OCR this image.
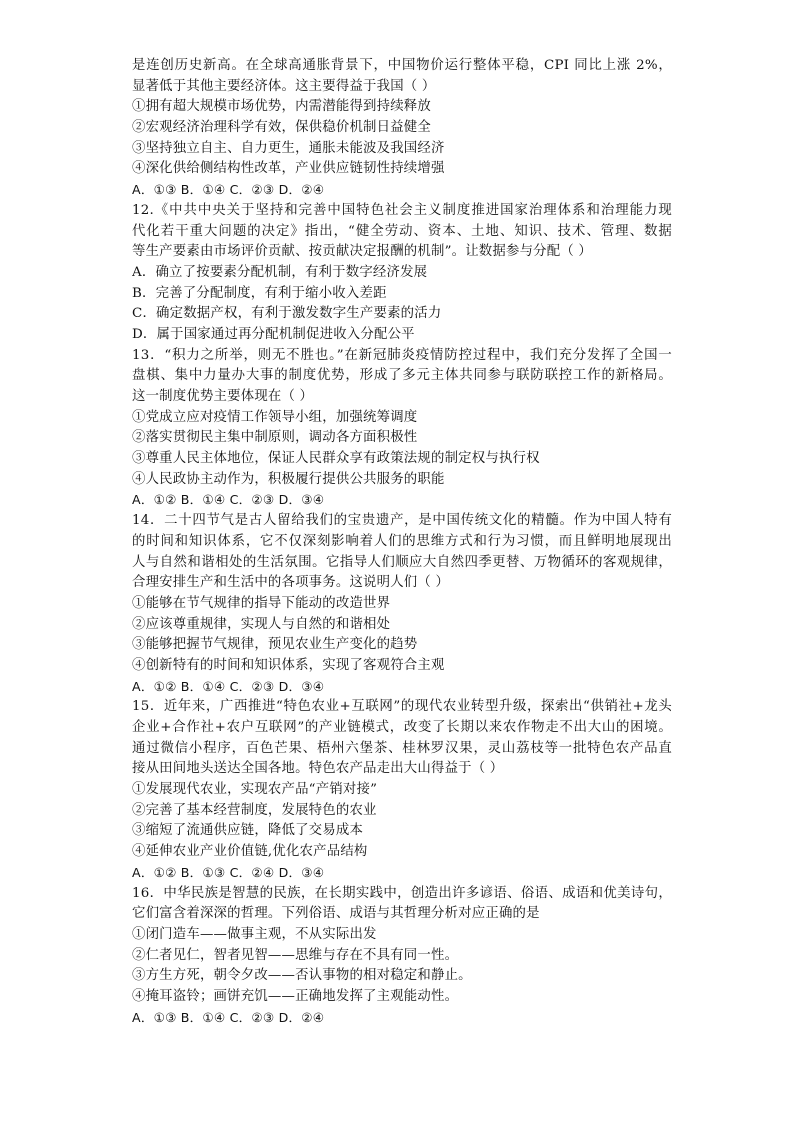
是连创历史新高。在全球高通胀背景下，中国物价运行整体平稳，CPI 同比上涨 2%，
显著低于其他主要经济体。这主要得益于我国（ ）
①拥有超大规模市场优势，内需潜能得到持续释放
②宏观经济治理科学有效，保供稳价机制日益健全
③坚持独立自主、自力更生，通胀未能波及我国经济
④深化供给侧结构性改革，产业供应链韧性持续增强
A．①③ B．①④ C．②③ D．②④
12.《中共中央关于坚持和完善中国特色社会主义制度推进国家治理体系和治理能力现
代化若干重大问题的决定》指出，“健全劳动、资本、土地、知识、技术、管理、数据
等生产要素由市场评价贡献、按贡献决定报酬的机制”。让数据参与分配（ ）
A．确立了按要素分配机制，有利于数字经济发展
B．完善了分配制度，有利于缩小收入差距
C．确定数据产权，有利于激发数字生产要素的活力
D．属于国家通过再分配机制促进收入分配公平
13．“积力之所举，则无不胜也。”在新冠肺炎疫情防控过程中，我们充分发挥了全国一
盘棋、集中力量办大事的制度优势，形成了多元主体共同参与联防联控工作的新格局。
这一制度优势主要体现在（ ）
①党成立应对疫情工作领导小组，加强统筹调度
②落实贯彻民主集中制原则，调动各方面积极性
③尊重人民主体地位，保证人民群众享有政策法规的制定权与执行权
④人民政协主动作为，积极履行提供公共服务的职能
A．①② B．①④ C．②③ D．③④
14．二十四节气是古人留给我们的宝贵遗产，是中国传统文化的精髓。作为中国人特有
的时间和知识体系，它不仅深刻影响着人们的思维方式和行为习惯，而且鲜明地展现出
人与自然和谐相处的生活氛围。它指导人们顺应大自然四季更替、万物循环的客观规律，
合理安排生产和生活中的各项事务。这说明人们（ ）
①能够在节气规律的指导下能动的改造世界
②应该尊重规律，实现人与自然的和谐相处
③能够把握节气规律，预见农业生产变化的趋势
④创新特有的时间和知识体系，实现了客观符合主观
A．①② B．①④ C．②③ D．③④
15．近年来，广西推进“特色农业+互联网”的现代农业转型升级，探索出“供销社+龙头
企业+合作社+农户互联网”的产业链模式，改变了长期以来农作物走不出大山的困境。
通过微信小程序，百色芒果、梧州六堡茶、桂林罗汉果，灵山荔枝等一批特色农产品直
接从田间地头送达全国各地。特色农产品走出大山得益于（ ）
①发展现代农业，实现农产品“产销对接”
②完善了基本经营制度，发展特色的农业
③缩短了流通供应链，降低了交易成本
④延伸农业产业价值链,优化农产品结构
A．①② B．①③ C．②④ D．③④
16．中华民族是智慧的民族，在长期实践中，创造出许多谚语、俗语、成语和优美诗句，
它们富含着深深的哲理。下列俗语、成语与其哲理分析对应正确的是
①闭门造车——做事主观，不从实际出发
②仁者见仁，智者见智——思维与存在不具有同一性。
③方生方死，朝令夕改——否认事物的相对稳定和静止。
④掩耳盗铃；画饼充饥——正确地发挥了主观能动性。
A．①③ B．①④ C．②③ D．②④
